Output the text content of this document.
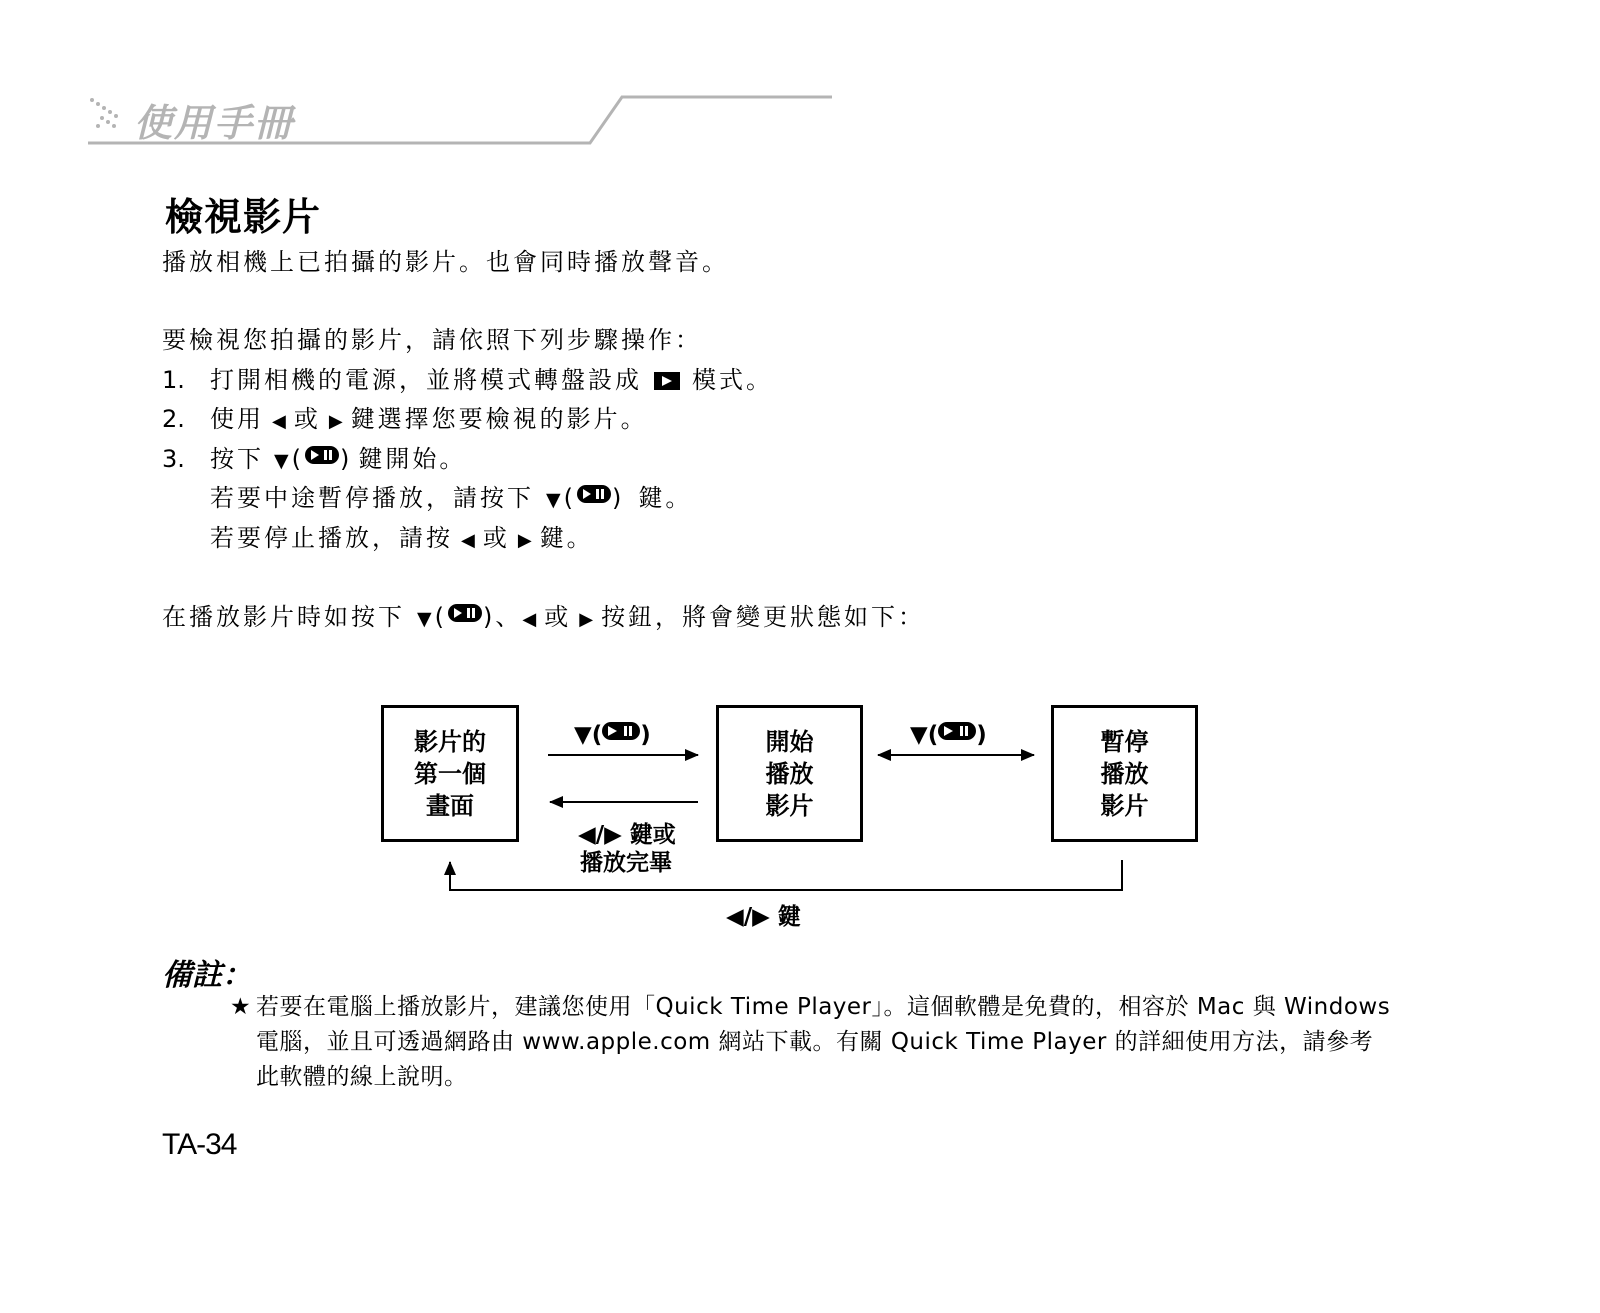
使用手冊
檢視影片
播放相機上已拍攝的影片。也會同時播放聲音。
要檢視您拍攝的影片，請依照下列步驟操作：
1. 打開相機的電源，並將模式轉盤設成 模式。
2. 使用 ◀ 或 ▶ 鍵選擇您要檢視的影片。
3. 按下 ▼( ) 鍵開始。
若要中途暫停播放，請按下 ▼( ) 鍵。
若要停止播放，請按 ◀ 或 ▶ 鍵。
在播放影片時如按下 ▼( )、◀ 或 ▶ 按鈕，將會變更狀態如下：
影片的
第一個
畫面
開始
播放
影片
暫停
播放
影片
▼( )	▼( )
◀/▶ 鍵或
播放完畢
◀/▶ 鍵
備註：
★ 若要在電腦上播放影片，建議您使用「Quick Time Player」。這個軟體是免費的，相容於 Mac 與 Windows
電腦，並且可透過網路由 www.apple.com 網站下載。有關 Quick Time Player 的詳細使用方法，請參考
此軟體的線上說明。
TA-34
